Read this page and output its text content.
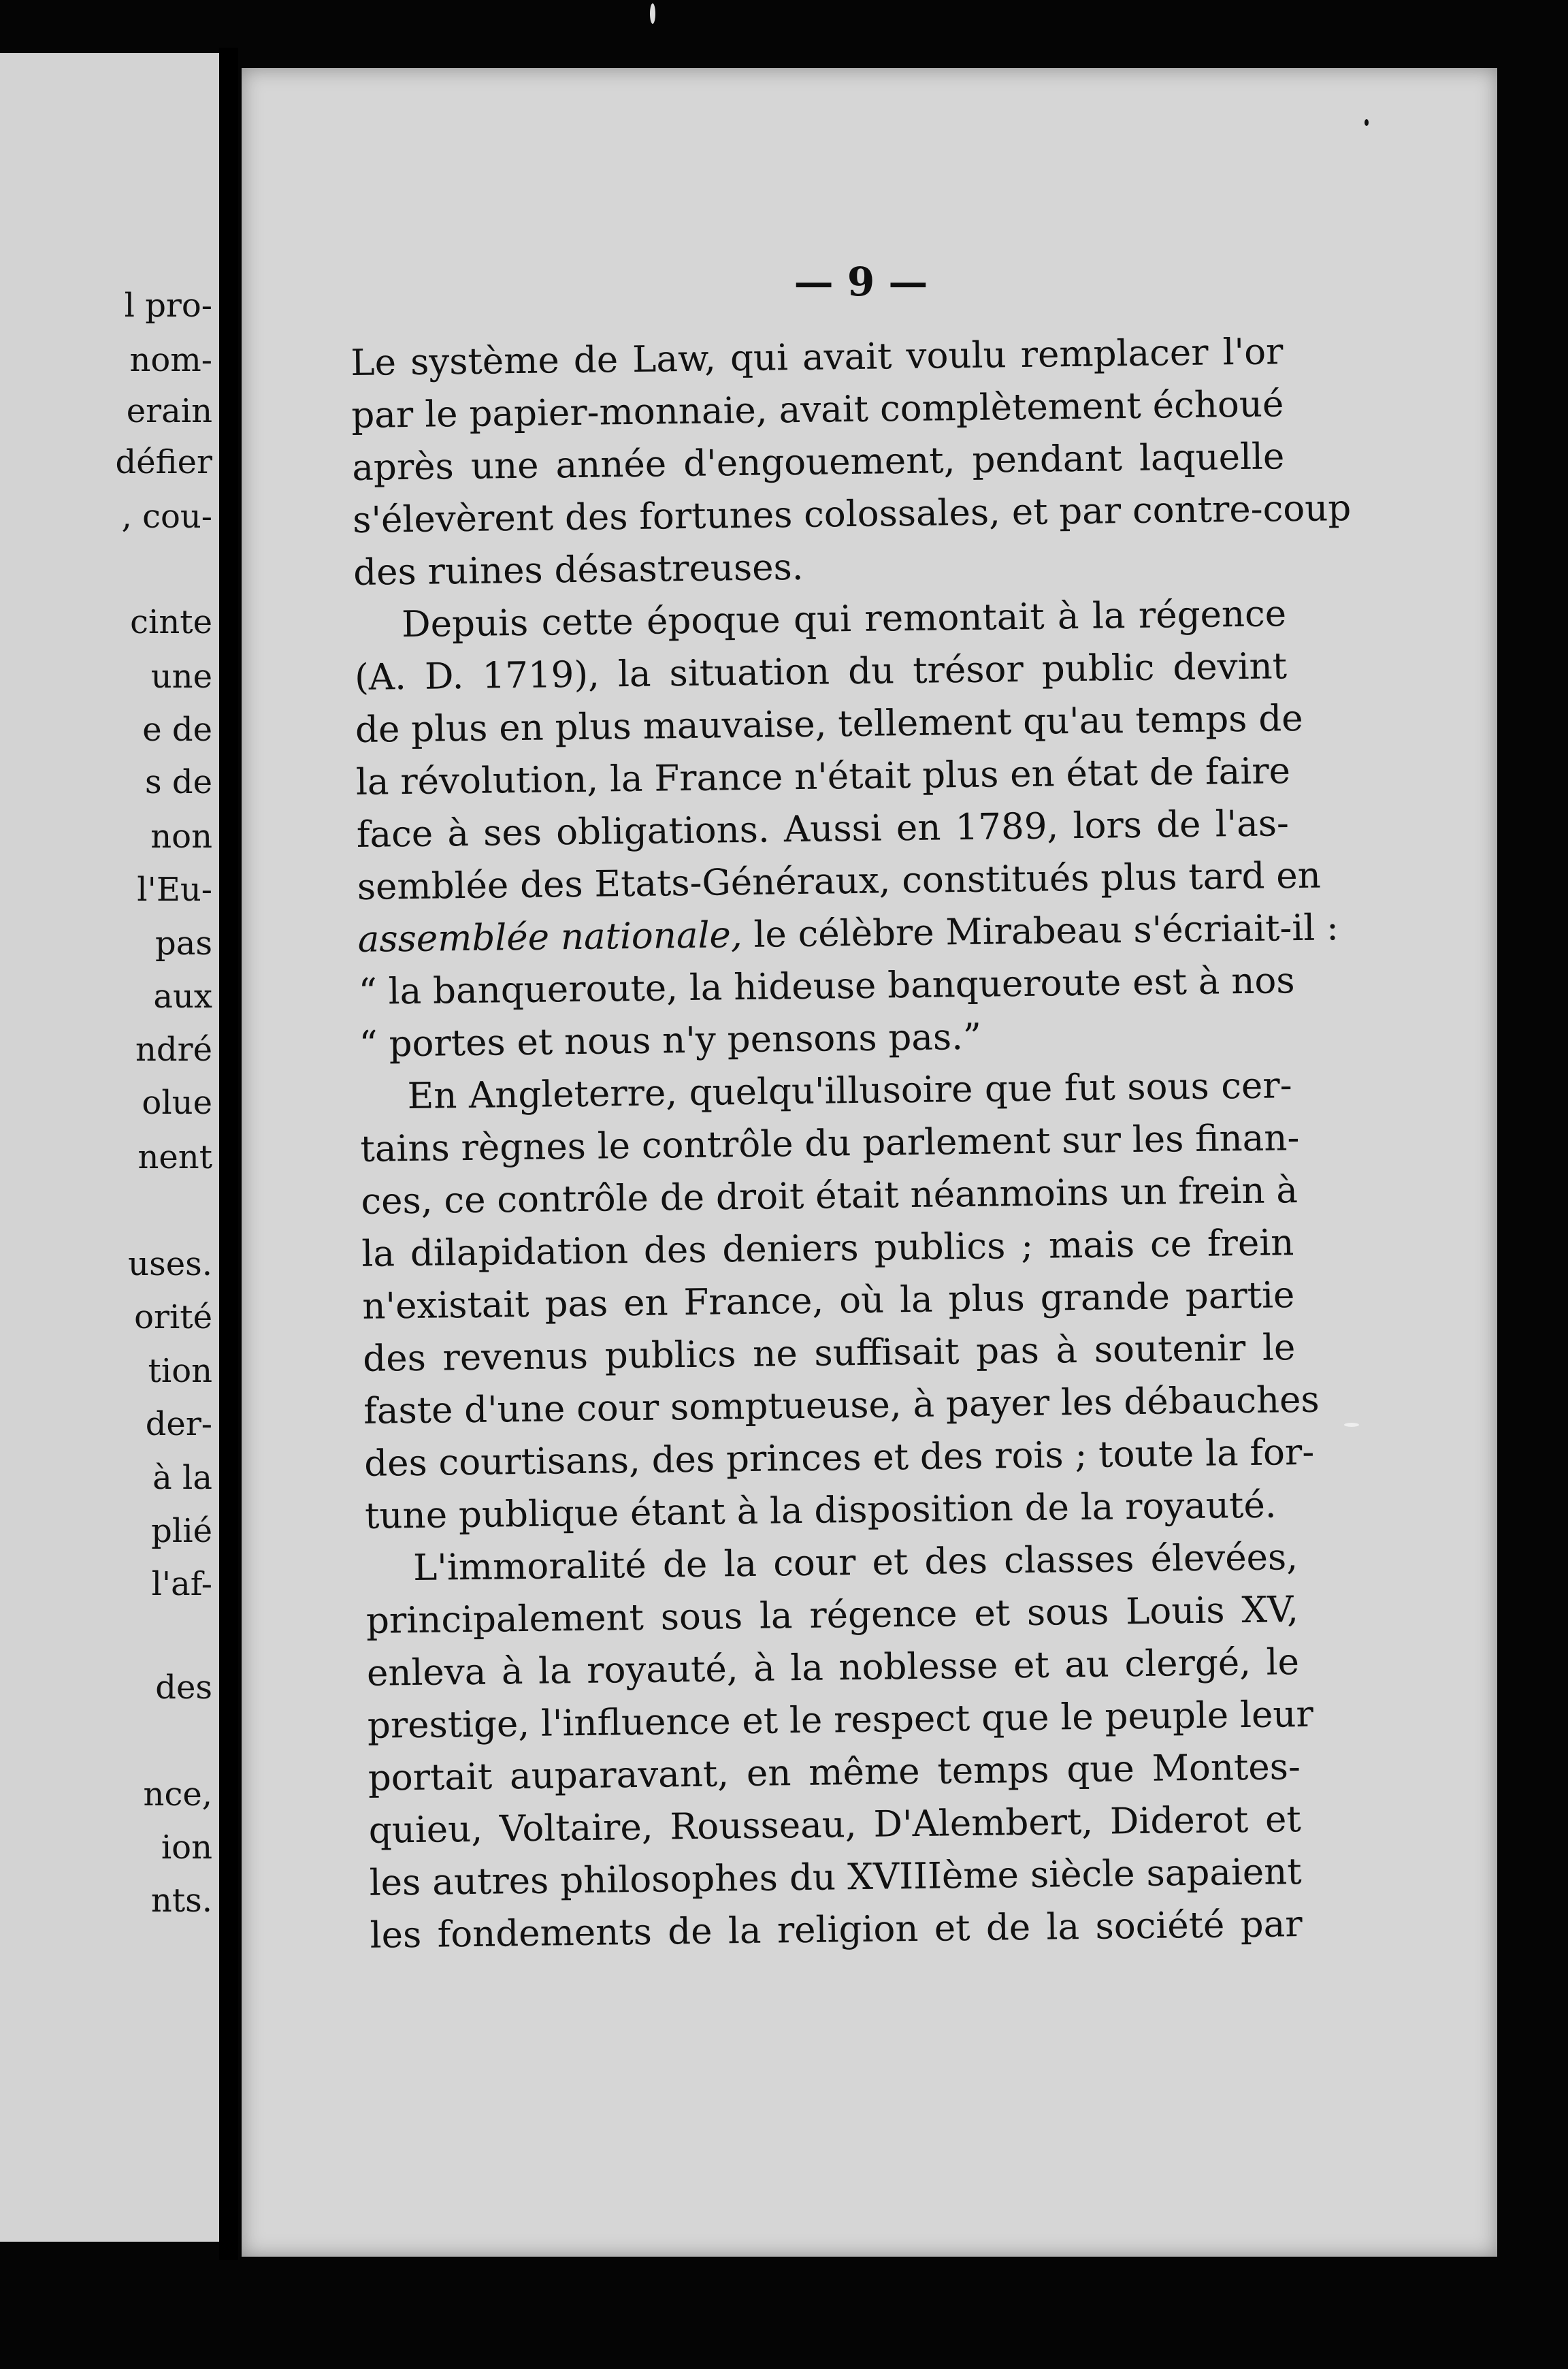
l pro-
nom-
erain
défier
, cou-
cinte
une
e de
s de
non
l'Eu-
pas
aux
ndré
olue
nent
uses.
orité
tion
der-
à la
plié
l'af-
des
nce,
ion
nts.
— 9 —
Le système de Law, qui avait voulu remplacer l'or
par le papier-monnaie, avait complètement échoué
après une année d'engouement, pendant laquelle
s'élevèrent des fortunes colossales, et par contre-coup
des ruines désastreuses.
Depuis cette époque qui remontait à la régence
(A. D. 1719), la situation du trésor public devint
de plus en plus mauvaise, tellement qu'au temps de
la révolution, la France n'était plus en état de faire
face à ses obligations. Aussi en 1789, lors de l'as-
semblée des Etats-Généraux, constitués plus tard en
assemblée nationale, le célèbre Mirabeau s'écriait-il :
“ la banqueroute, la hideuse banqueroute est à nos
“ portes et nous n'y pensons pas.”
En Angleterre, quelqu'illusoire que fut sous cer-
tains règnes le contrôle du parlement sur les finan-
ces, ce contrôle de droit était néanmoins un frein à
la dilapidation des deniers publics ; mais ce frein
n'existait pas en France, où la plus grande partie
des revenus publics ne suffisait pas à soutenir le
faste d'une cour somptueuse, à payer les débauches
des courtisans, des princes et des rois ; toute la for-
tune publique étant à la disposition de la royauté.
L'immoralité de la cour et des classes élevées,
principalement sous la régence et sous Louis XV,
enleva à la royauté, à la noblesse et au clergé, le
prestige, l'influence et le respect que le peuple leur
portait auparavant, en même temps que Montes-
quieu, Voltaire, Rousseau, D'Alembert, Diderot et
les autres philosophes du XVIIIème siècle sapaient
les fondements de la religion et de la société par
